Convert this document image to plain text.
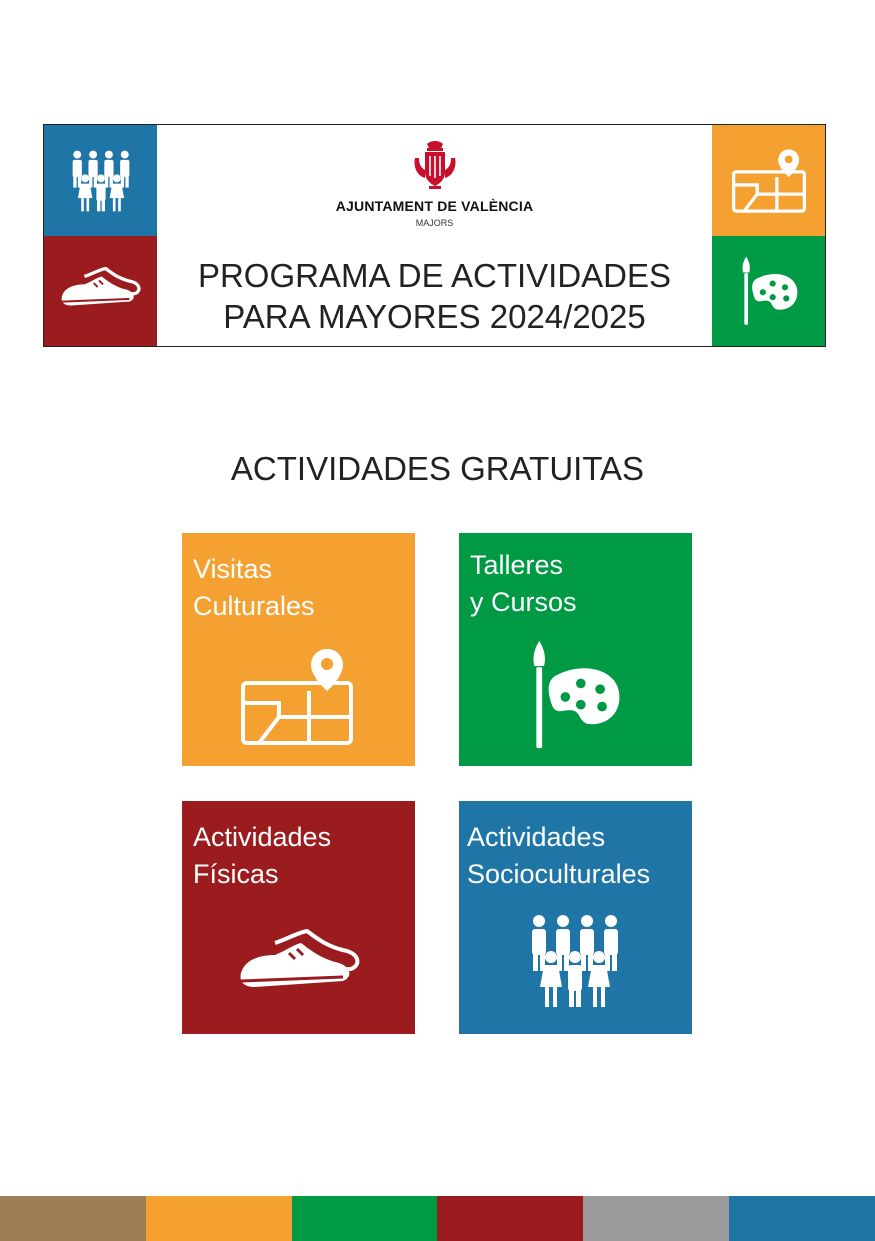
AJUNTAMENT DE VALÈNCIA
MAJORS
PROGRAMA DE ACTIVIDADES
PARA MAYORES 2024/2025
ACTIVIDADES GRATUITAS
Visitas
Culturales
Talleres
y Cursos
Actividades
Físicas
Actividades
Socioculturales
